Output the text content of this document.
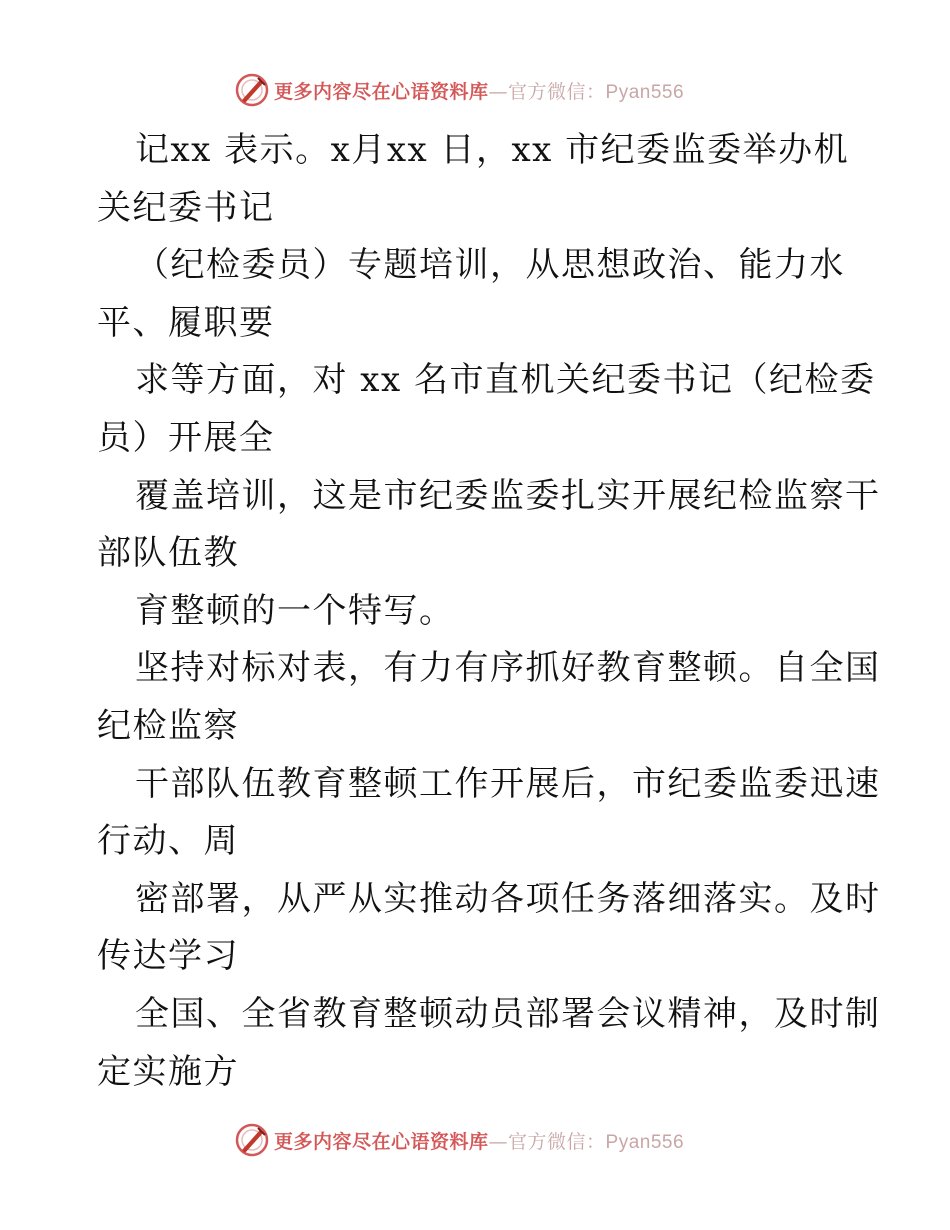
更多内容尽在心语资料库—官方微信：Pyan556

记xx 表示。x月xx 日，xx 市纪委监委举办机
关纪委书记

（纪检委员）专题培训，从思想政治、能力水
平、履职要

求等方面，对 xx 名市直机关纪委书记（纪检委
员）开展全

覆盖培训，这是市纪委监委扎实开展纪检监察干
部队伍教

育整顿的一个特写。

坚持对标对表，有力有序抓好教育整顿。自全国
纪检监察

干部队伍教育整顿工作开展后，市纪委监委迅速
行动、周

密部署，从严从实推动各项任务落细落实。及时
传达学习

全国、全省教育整顿动员部署会议精神，及时制
定实施方

更多内容尽在心语资料库—官方微信：Pyan556
